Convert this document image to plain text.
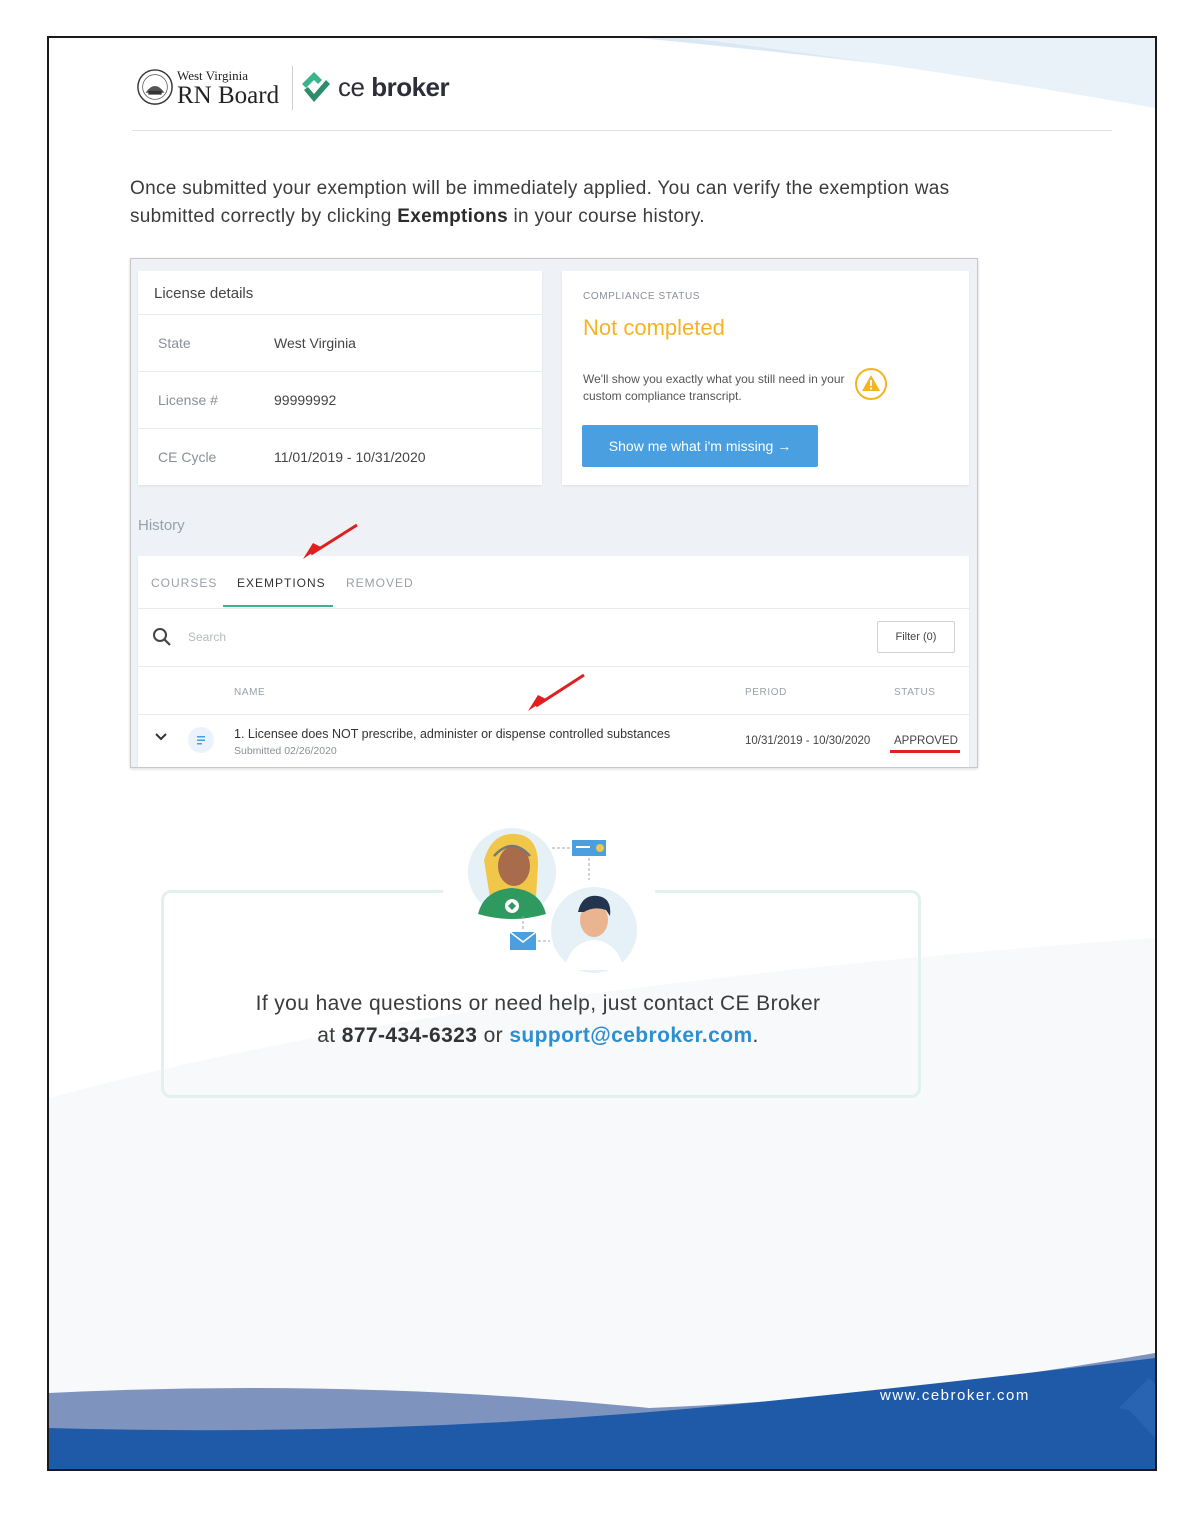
West Virginia
RN Board ce broker
Once submitted your exemption will be immediately applied. You can verify the exemption was submitted correctly by clicking Exemptions in your course history.
License details
State	West Virginia
License #	99999992
CE Cycle	11/01/2019 - 10/31/2020
COMPLIANCE STATUS
Not completed
We'll show you exactly what you still need in your custom compliance transcript.
Show me what i'm missing →
History
COURSES EXEMPTIONS REMOVED
Search	Filter (0)
NAME	PERIOD	STATUS
1. Licensee does NOT prescribe, administer or dispense controlled substances
Submitted 02/26/2020
10/31/2019 - 10/30/2020 APPROVED
If you have questions or need help, just contact CE Broker
at 877-434-6323 or support@cebroker.com.
www.cebroker.com
